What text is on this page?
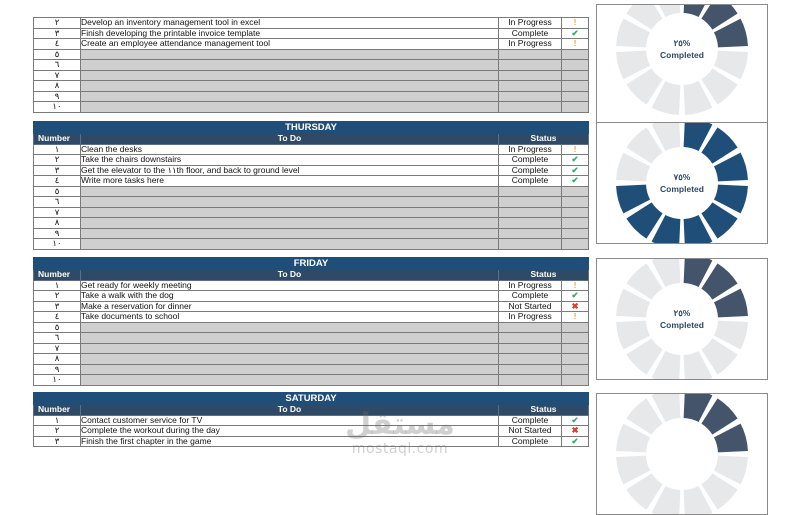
٢	Develop an inventory management tool in excel	In Progress	!
٣	Finish developing the printable invoice template	Complete	✔
٤	Create an employee attendance management tool	In Progress	!
٥			
٦			
٧			
٨			
٩			
١٠			
٢٥%
Completed
THURSDAY			
Number	To Do	Status	
١	Clean the desks	In Progress	!
٢	Take the chairs downstairs	Complete	✔
٣	Get the elevator to the ١١th floor, and back to ground level	Complete	✔
٤	Write more tasks here	Complete	✔
٥			
٦			
٧			
٨			
٩			
١٠			
٧٥%
Completed
FRIDAY			
Number	To Do	Status	
١	Get ready for weekly meeting	In Progress	!
٢	Take a walk with the dog	Complete	✔
٣	Make a reservation for dinner	Not Started	✖
٤	Take documents to school	In Progress	!
٥			
٦			
٧			
٨			
٩			
١٠			
٢٥%
Completed
SATURDAY			
Number	To Do	Status	
١	Contact customer service for TV	Complete	✔
٢	Complete the workout during the day	Not Started	✖
٣	Finish the first chapter in the game	Complete	✔
مستقل
mostaql.com
